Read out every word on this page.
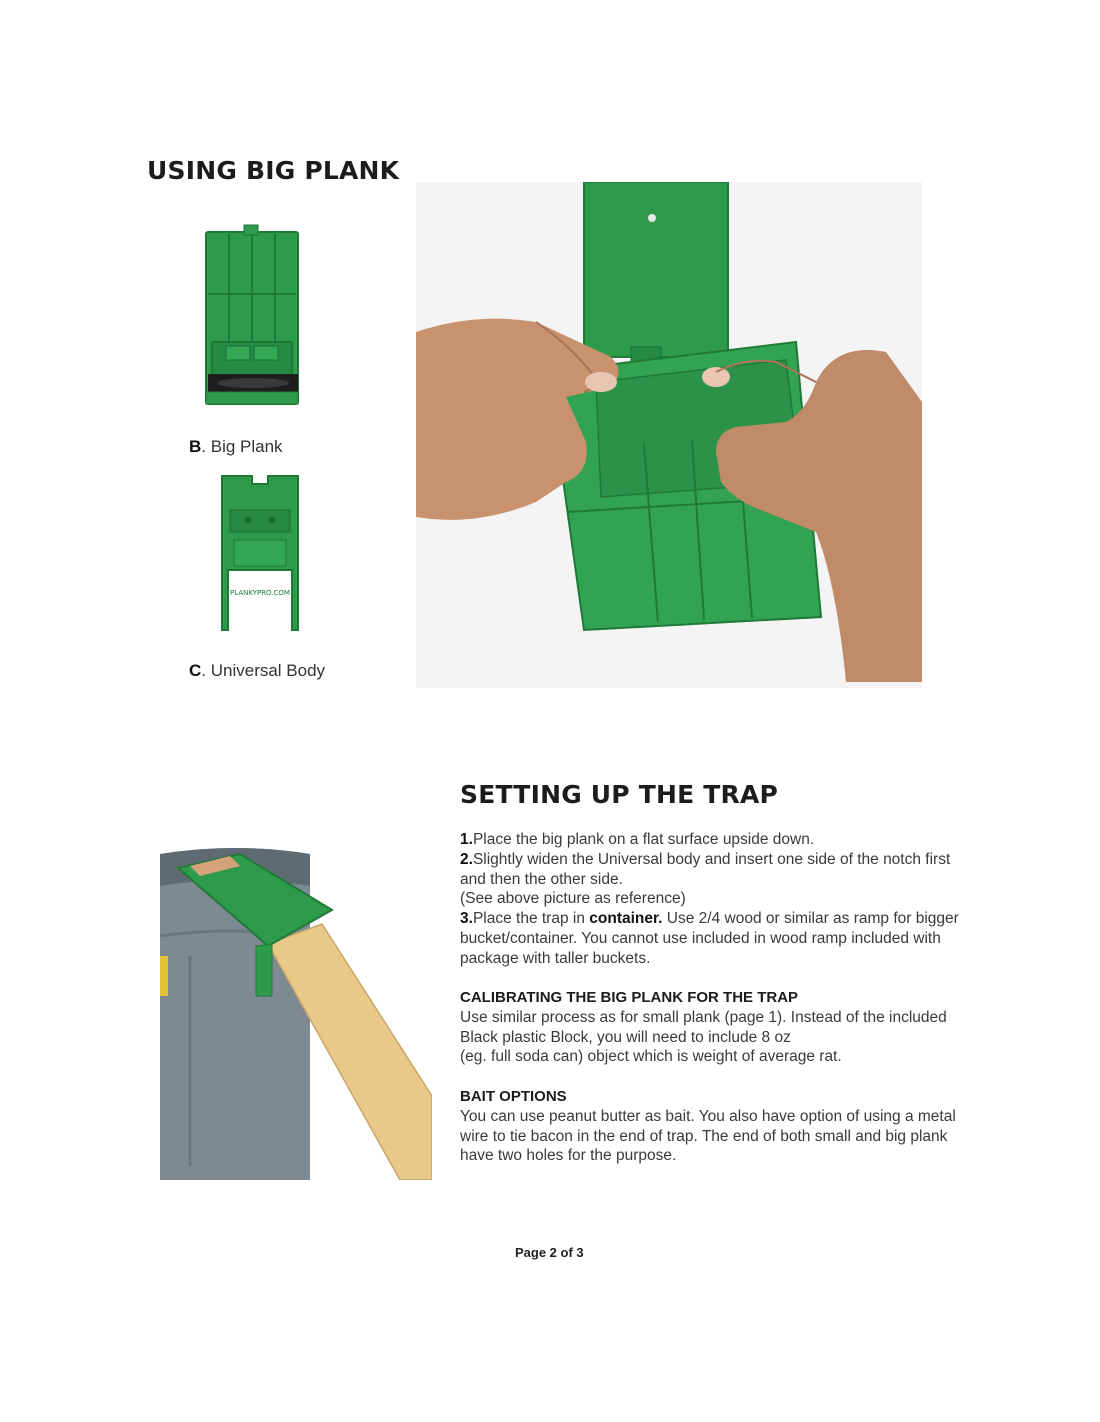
USING BIG PLANK
B. Big Plank
PLANKYPRO.COM
C. Universal Body
SETTING UP THE TRAP

1.Place the big plank on a flat surface upside down.

2.Slightly widen the Universal body and insert one side of the notch first and then the other side.

(See above picture as reference)

3.Place the trap in container. Use 2/4 wood or similar as ramp for bigger bucket/container. You cannot use included in wood ramp included with package with taller buckets.

CALIBRATING THE BIG PLANK FOR THE TRAP

Use similar process as for small plank (page 1). Instead of the included Black plastic Block, you will need to include 8 oz

(eg. full soda can) object which is weight of average rat.

BAIT OPTIONS

You can use peanut butter as bait. You also have option of using a metal wire to tie bacon in the end of trap. The end of both small and big plank have two holes for the purpose.

Page 2 of 3
